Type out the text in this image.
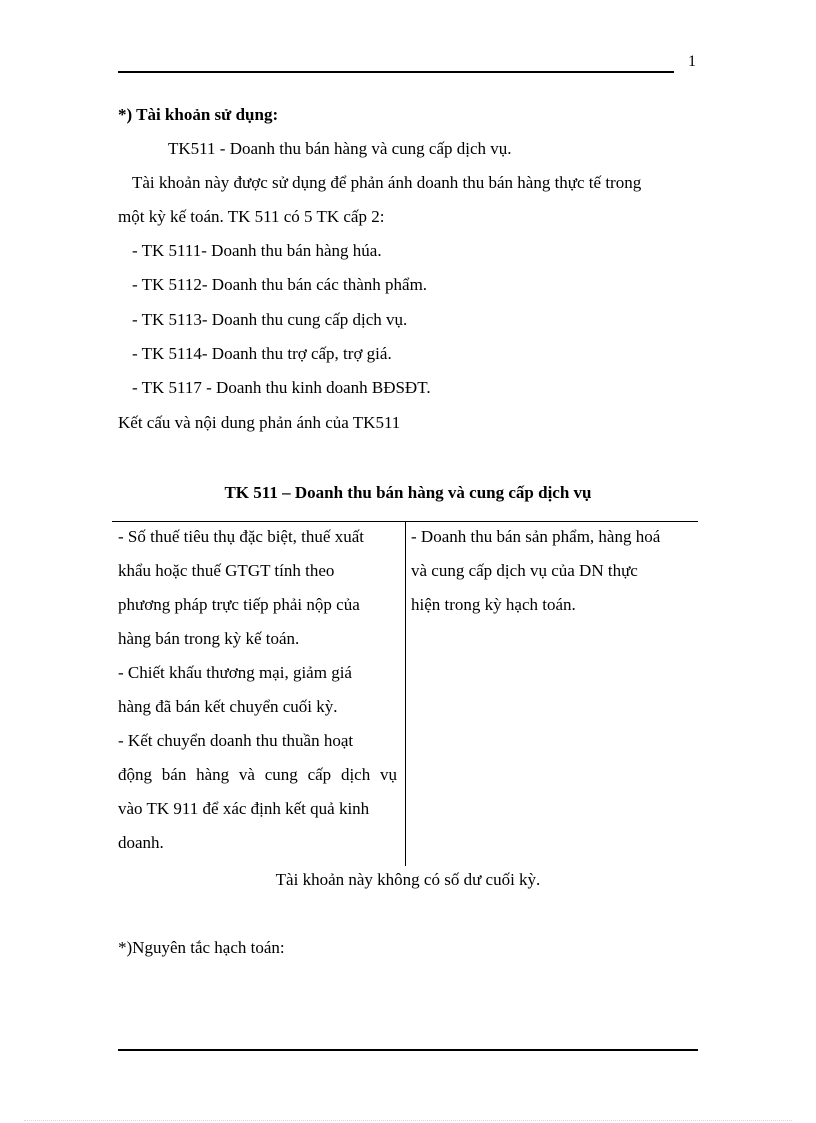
1
*) Tài khoản sử dụng:
TK511 - Doanh thu bán hàng và cung cấp dịch vụ.
Tài khoản này được sử dụng để phản ánh doanh thu bán hàng thực tế trong
một kỳ kế toán. TK 511 có 5 TK cấp 2:
- TK 5111- Doanh thu bán hàng húa.
- TK 5112- Doanh thu bán các thành phẩm.
- TK 5113- Doanh thu cung cấp dịch vụ.
- TK 5114- Doanh thu trợ cấp, trợ giá.
- TK 5117 - Doanh thu kinh doanh BĐSĐT.
Kết cấu và nội dung phản ánh của TK511
TK 511 – Doanh thu bán hàng và cung cấp dịch vụ
- Số thuế tiêu thụ đặc biệt, thuế xuất
khẩu hoặc thuế GTGT tính theo
phương pháp trực tiếp phải nộp của
hàng bán trong kỳ kế toán.
- Chiết khấu thương mại, giảm giá
hàng đã bán kết chuyển cuối kỳ.
- Kết chuyển doanh thu thuần hoạt
động bán hàng và cung cấp dịch vụ
vào TK 911 để xác định kết quả kinh
doanh.
- Doanh thu bán sản phẩm, hàng hoá
và cung cấp dịch vụ của DN thực
hiện trong kỳ hạch toán.
Tài khoản này không có số dư cuối kỳ.
*)Nguyên tắc hạch toán:
